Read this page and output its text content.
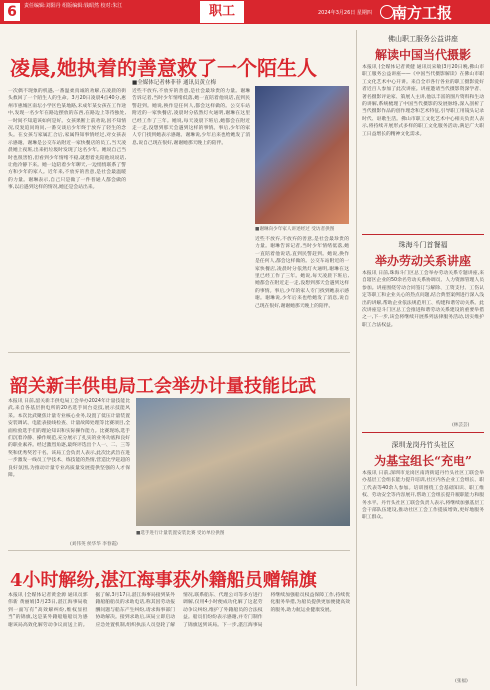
6	责任编辑:刘阳丹 组版编辑:钱昭然 校对:朱江	职工	2024年3月26日 星期四 南方工报
凌晨,她执着的善意救了一个陌生人
■全媒体记者林菲菲 通讯员黄立梅
一次偶不现象的机遇,一番温柔真诚的劝解,在凌晨的街头救回了一个陌生人的生命。3月20日凌晨4点40分,惠州市惠城区南坛小学区色某地路,未成年某女孩在工作途中,发现一名少年在路边摆放的东西,在路边上等待独处,一时间不知道该如何是好。女孩果断上前劝说,因不知情况,反复追问询问,一番交谈后少年终于放弃了轻生的念头。在女孩与家属汇合后,家属得知事情经过,对女孩表示感谢。谢琳是公交车站附近一家快餐店的员工,当天凌晨她上夜班,出来扔垃圾时发现了这名少年。她说自己当时也很害怕,但看到少年情绪不稳,就想着先陪他说说话,让他冷静下来。她一边陪着少年聊天,一边悄悄联系了警方和少年的家人。近年来,不放弃的善意,是社会最温暖的力量。谢琳表示,自己只是做了一件普通人都会做的事,以后遇到这样的情况,她还是会站出来。
近些不放弃,不放弃的善意,是社会最珍贵的力量。谢琳告诉记者,当时少年情绪低落,她一直陪着他说话,直到民警赶到。她说,换作是任何人,都会这样做的。公交车站附近的一家快餐店,凌晨时分依然灯火通明,谢琳在这里已经工作了三年。她说,每天凌晨下班后,她都会在附近走一走,没想到那天会遇到这样的事情。事后,少年的家人专门找到她表示感谢。谢琳说,少年后来也给她发了消息,说自己现在很好,谢谢她那天晚上的陪伴。
■谢琳向少年家人讲述经过 受访者供图
近些不放弃,不放弃的善意,是社会最珍贵的力量。谢琳告诉记者,当时少年情绪低落,她一直陪着他说话,直到民警赶到。她说,换作是任何人,都会这样做的。公交车站附近的一家快餐店,凌晨时分依然灯火通明,谢琳在这里已经工作了三年。她说,每天凌晨下班后,她都会在附近走一走,没想到那天会遇到这样的事情。事后,少年的家人专门找到她表示感谢。谢琳说,少年后来也给她发了消息,说自己现在很好,谢谢她那天晚上的陪伴。
韶关新丰供电局工会举办计量技能比武
本报讯 日前,韶关新丰供电局工会举办2024年计量技能比武,来自各基层供电所的20名选手同台竞技,展示技能风采。本次比武聚焦计量专业核心业务,设置了低压计量装置安装调试、电能表接线检查、计量故障处理等比赛项目,全面检验选手们的理论知识和实际操作能力。比赛现场,选手们沉着冷静、操作规范,充分展示了扎实的业务功底和良好的职业素养。经过激烈角逐,最终评选出个人一、二、三等奖和优秀奖若干名。该局工会负责人表示,此次比武旨在进一步激发一线员工学技术、练技能的热情,营造比学赶超的良好氛围,为推动计量专业高质量发展提供坚强的人才保障。
(刘伟英 侯华华 李春霞)
■选手进行计量装置安装比赛 受访单位供图
4小时解纷,湛江海事获外籍船员赠锦旗
本报讯 (全媒体记者黄金源 通讯员郭伟新 黄丽娟)3月23日,湛江海事局收到一面写有“高效解纠纷,维权显担当”的锦旗,这是某外籍船舶船员为感谢该局高效化解劳动争议而送上的。据了解,3月17日,湛江海事局接到某外籍船舶船员的求助电话,称其因劳动报酬问题与船东产生纠纷,请求海事部门协助解决。接到求助后,该局立即启动应急处置机制,组织执法人员登轮了解情况,联系船东、代理公司等多方进行调解,仅用4小时便成功化解了这起劳动争议纠纷,维护了外籍船员的合法权益。船员们纷纷表示感谢,并专门制作了锦旗送到该局。下一步,湛江海事局将继续加强船员权益保障工作,持续优化服务举措,为船员提供更加便捷高效的服务,助力航运业健康发展。
佛山职工服务公益讲座
解读中国当代摄影
本报讯 (全媒体记者黄健 通讯员宋敏)3月20日晚,佛山市职工服务公益讲座——《中国当代摄影解读》在佛山市职工文化艺术中心开讲。来自全市各行各业的职工摄影爱好者近百人参加了此次讲座。讲座邀请当代摄影资深学者、著名摄影评论家、策展人主讲,他以丰富的图片资料和生动的讲解,系统梳理了中国当代摄影的发展脉络,深入剖析了当代摄影作品的创作理念和艺术特征,引导职工用镜头记录时代、讴歌生活。佛山市职工文化艺术中心相关负责人表示,将持续开展形式多样的职工文化服务活动,满足广大职工日益增长的精神文化需求。
珠海斗门首餐福
举办劳动关系讲座
本报讯 日前,珠海斗门区总工会举办劳动关系专题讲座,来自辖区企业的50余名劳动关系协调员、人力资源管理人员参加。讲座围绕劳动合同签订与解除、工资支付、工伤认定等职工和企业关心的热点问题,结合典型案例进行深入浅出的讲解,帮助企业依法规范用工、构建和谐劳动关系。此次讲座是斗门区总工会推进和谐劳动关系建设的重要举措之一,下一步,该会将继续开展系列法律服务活动,切实维护职工合法权益。
(林芸芸)
深圳龙岗丹竹头社区
为基宝组长“充电”
本报讯 日前,深圳市龙岗区南湾街道丹竹头社区工联会举办基层工会组长能力提升培训,社区内各企业工会组长、职工代表等40余人参加。培训围绕工会基础知识、职工维权、劳动安全等内容展开,帮助工会组长提升履职能力和服务水平。丹竹头社区工联会负责人表示,将继续加强基层工会干部队伍建设,推动社区工会工作提质增效,更好地服务职工群众。
(张福)
